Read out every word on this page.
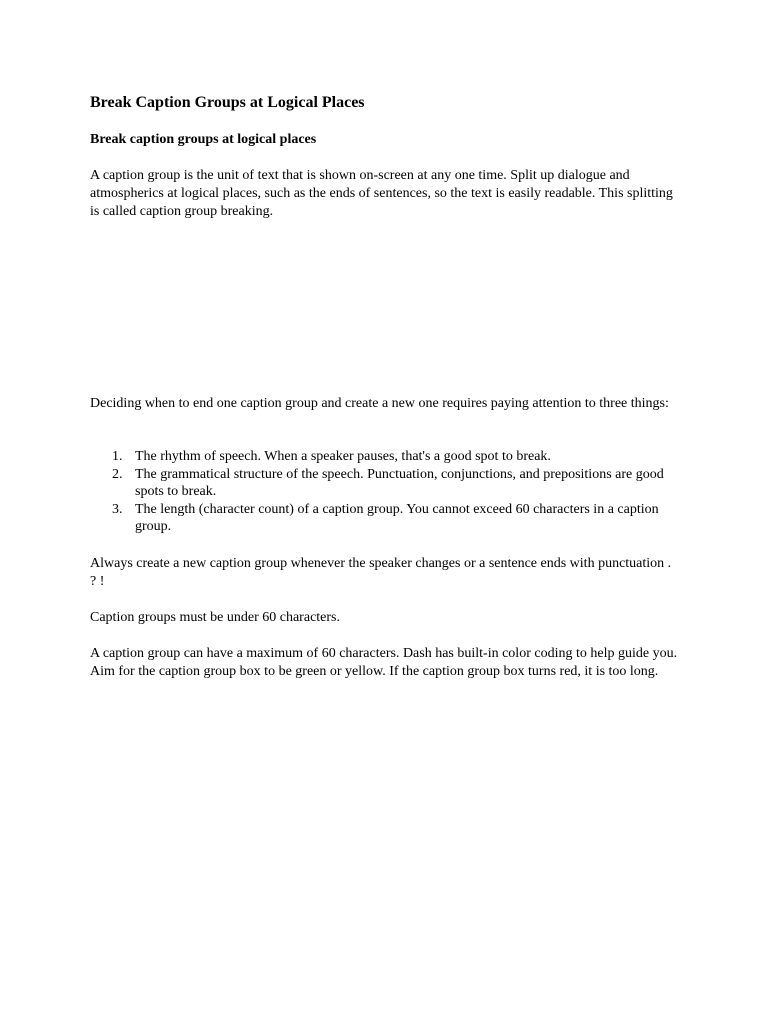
Break Caption Groups at Logical Places
Break caption groups at logical places

A caption group is the unit of text that is shown on-screen at any one time. Split up dialogue and atmospherics at logical places, such as the ends of sentences, so the text is easily readable. This splitting is called caption group breaking.

Deciding when to end one caption group and create a new one requires paying attention to three things:

1. The rhythm of speech. When a speaker pauses, that's a good spot to break.
2. The grammatical structure of the speech. Punctuation, conjunctions, and prepositions are good spots to break.
3. The length (character count) of a caption group. You cannot exceed 60 characters in a caption group.

Always create a new caption group whenever the speaker changes or a sentence ends with punctuation . ? !

Caption groups must be under 60 characters.

A caption group can have a maximum of 60 characters. Dash has built-in color coding to help guide you. Aim for the caption group box to be green or yellow. If the caption group box turns red, it is too long.
